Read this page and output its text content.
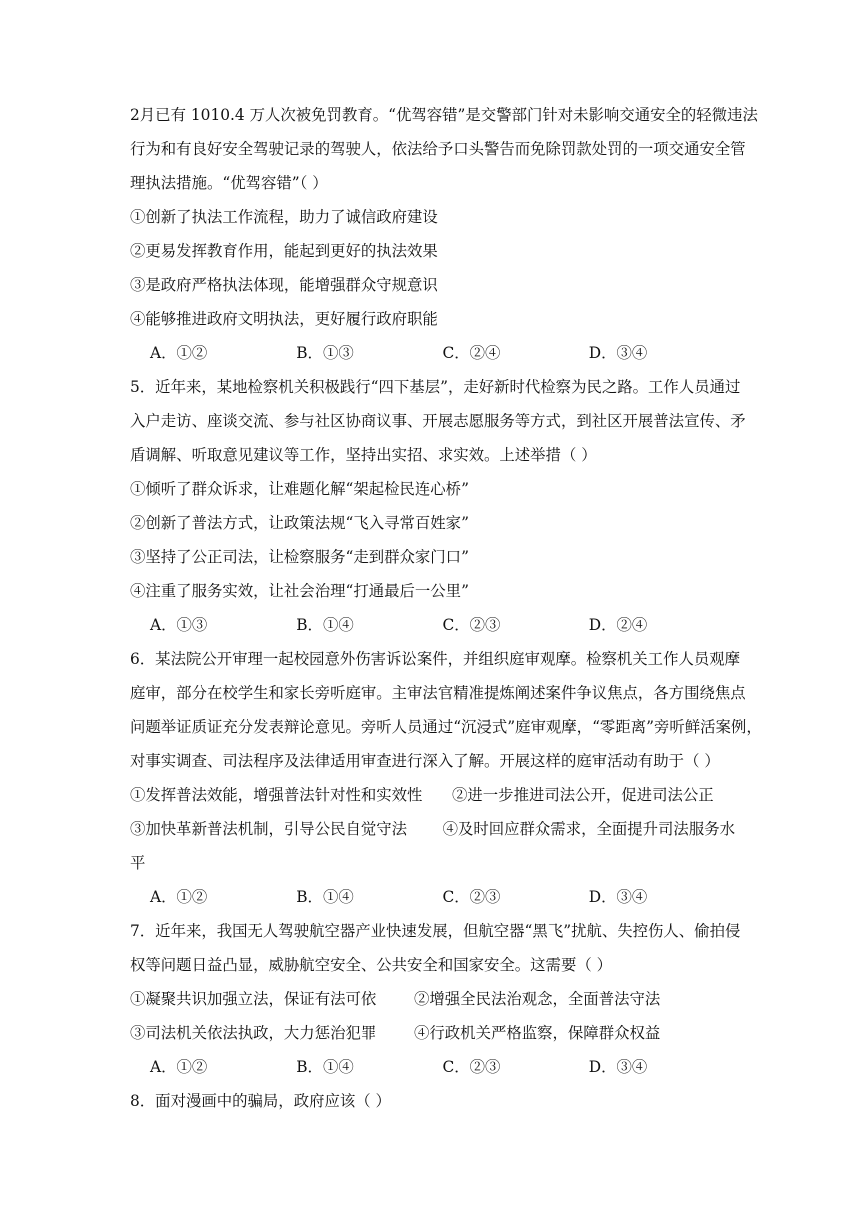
2月已有 1010.4 万人次被免罚教育。“优驾容错”是交警部门针对未影响交通安全的轻微违法
行为和有良好安全驾驶记录的驾驶人，依法给予口头警告而免除罚款处罚的一项交通安全管
理执法措施。“优驾容错”（ ）
①创新了执法工作流程，助力了诚信政府建设
②更易发挥教育作用，能起到更好的执法效果
③是政府严格执法体现，能增强群众守规意识
④能够推进政府文明执法，更好履行政府职能
A．①②	B．①③	C．②④	D．③④
5．近年来，某地检察机关积极践行“四下基层”，走好新时代检察为民之路。工作人员通过
入户走访、座谈交流、参与社区协商议事、开展志愿服务等方式，到社区开展普法宣传、矛
盾调解、听取意见建议等工作，坚持出实招、求实效。上述举措（ ）
①倾听了群众诉求，让难题化解“架起检民连心桥”
②创新了普法方式，让政策法规“飞入寻常百姓家”
③坚持了公正司法，让检察服务“走到群众家门口”
④注重了服务实效，让社会治理“打通最后一公里”
A．①③	B．①④	C．②③	D．②④
6．某法院公开审理一起校园意外伤害诉讼案件，并组织庭审观摩。检察机关工作人员观摩
庭审，部分在校学生和家长旁听庭审。主审法官精准提炼阐述案件争议焦点，各方围绕焦点
问题举证质证充分发表辩论意见。旁听人员通过“沉浸式”庭审观摩，“零距离”旁听鲜活案例，
对事实调查、司法程序及法律适用审查进行深入了解。开展这样的庭审活动有助于（ ）
①发挥普法效能，增强普法针对性和实效性	②进一步推进司法公开，促进司法公正
③加快革新普法机制，引导公民自觉守法	④及时回应群众需求，全面提升司法服务水
平
A．①②	B．①④	C．②③	D．③④
7．近年来，我国无人驾驶航空器产业快速发展，但航空器“黑飞”扰航、失控伤人、偷拍侵
权等问题日益凸显，威胁航空安全、公共安全和国家安全。这需要（ ）
①凝聚共识加强立法，保证有法可依	②增强全民法治观念，全面普法守法
③司法机关依法执政，大力惩治犯罪	④行政机关严格监察，保障群众权益
A．①②	B．①④	C．②③	D．③④
8．面对漫画中的骗局，政府应该（ ）
